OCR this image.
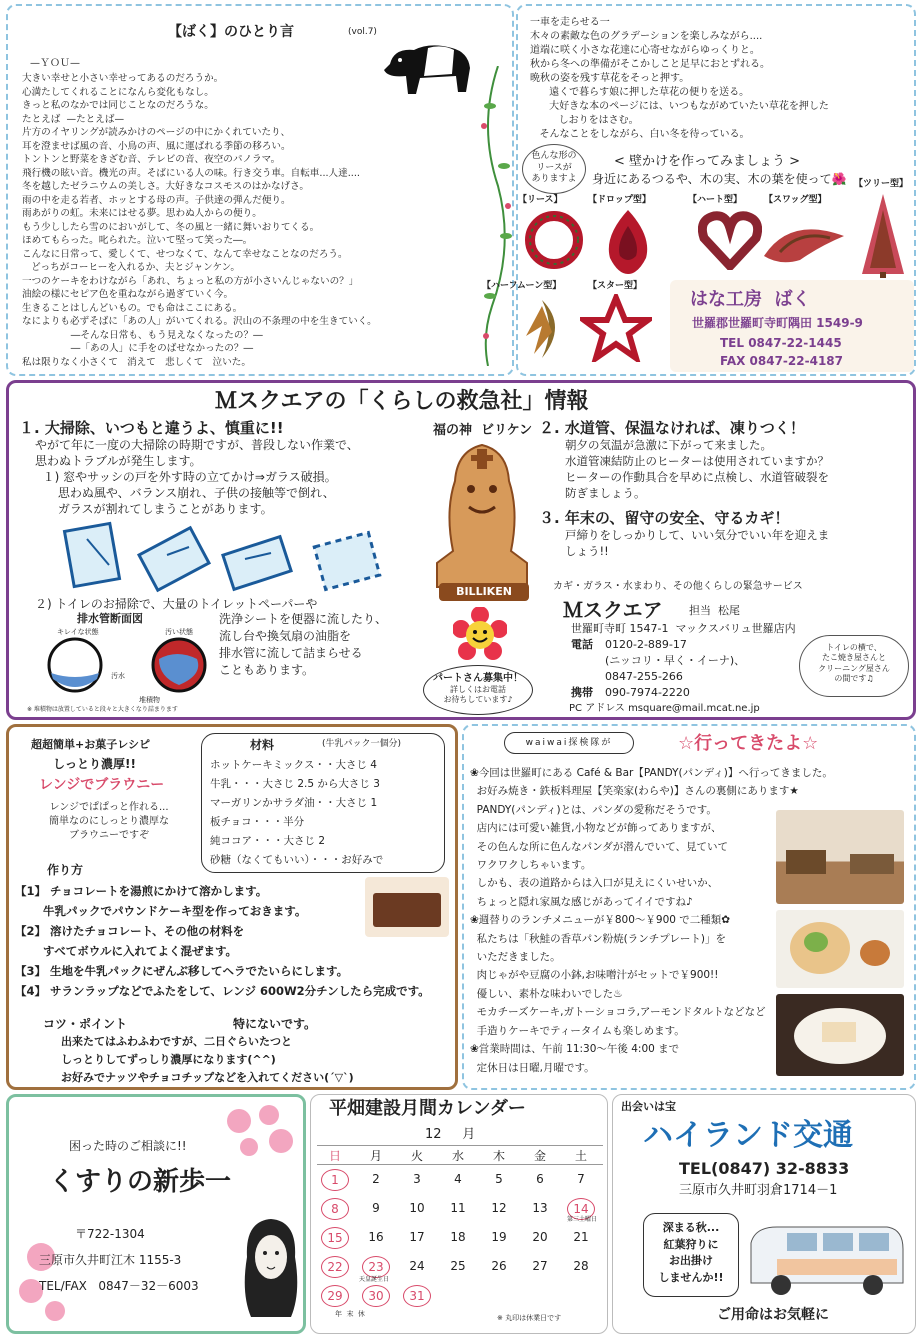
【ばく】のひとり言	(vol.7)
—ＹＯＵ—
大きい幸せと小さい幸せってあるのだろうか。
心満たしてくれることになんら変化もなし。
きっと私のなかでは同じことなのだろうな。
たとえば  —たとえば—
片方のイヤリングが読みかけのページの中にかくれていたり、
耳を澄ませば風の音、小鳥の声、風に運ばれる季節の移ろい。
トントンと野菜をきざむ音、テレビの音、夜空のパノラマ。
飛行機の眩い音。機光の声。そばにいる人の味。行き交う車。自転車...人達....
冬を越したゼラニウムの美しさ。大好きなコスモスのはかなげさ。
雨の中を走る若者、ホッとする母の声。子供達の弾んだ便り。
雨あがりの虹。未来にはせる夢。思わぬ人からの便り。
もう少ししたら雪のにおいがして、冬の風と一緒に舞いおりてくる。
ほめてもらった。叱られた。泣いて堅って笑った―。
こんなに日常って、愛しくて、せつなくて、なんて幸せなことなのだろう。
どっちがコーヒーを入れるか、夫とジャンケン。
一つのケーキをわけながら「あれ、ちょっと私の方が小さいんじゃないの？」
油絵の様にセピア色を重ねながら過ぎていく今。
生きることはしんどいもの。でも命はここにある。
なによりも必ずそばに「あの人」がいてくれる。沢山の不条理の中を生きていく。
―そんな日常も、もう見えなくなったの？―
―「あの人」に手をのばせなかったの？―
私は限りなく小さくて   消えて   悲しくて   泣いた。
一車を走らせる一
木々の素敵な色のグラデーションを楽しみながら....
道端に咲く小さな花達に心寄せながらゆっくりと。
秋から冬への準備がそこかしこと足早におとずれる。
晩秋の姿を残す草花をそっと押す。
遠くで暮らす娘に押した草花の便りを送る。
大好きな本のページには、いつもながめていたい草花を押した
しおりをはさむ。
そんなことをしながら、白い冬を待っている。
色んな形の
リースが
ありますよ
< 壁かけを作ってみましょう >
身近にあるつるや、木の実、木の葉を使って🌺
【リース】	【ドロップ型】	【ハート型】 【スワッグ型】
【ツリー型】
【ハーフムーン型】	【スター型】
はな工房  ばく
世羅郡世羅町寺町隅田 1549-9
TEL 0847-22-1445
FAX 0847-22-4187
Ｍスクエアの「くらしの救急社」情報
１. 大掃除、いつもと違うよ、慎重に!!
やがて年に一度の大掃除の時期ですが、普段しない作業で、
思わぬトラブルが発生します。
１) 窓やサッシの戸を外す時の立てかけ⇒ガラス破損。
思わぬ風や、バランス崩れ、子供の接触等で倒れ、
ガラスが割れてしまうことがあります。
２) トイレのお掃除で、大量のトイレットペーパーや
洗浄シートを便器に流したり、
流し台や換気扇の油脂を
排水管に流して詰まらせる
こともあります。
排水管断面図
キレイな状態	汚い状態
汚水
堆積物
※ 堆積物は放置していると段々と大きくなり詰まります
福の神  ビリケン
BILLIKEN
パートさん募集中！
詳しくはお電話
お待ちしています♪
２. 水道管、保温なければ、凍りつく！
朝夕の気温が急激に下がって来ました。
水道管凍結防止のヒーターは使用されていますか？
ヒーターの作動具合を早めに点検し、水道管破裂を
防ぎましょう。
３. 年末の、留守の安全、守るカギ！
戸締りをしっかりして、いい気分でいい年を迎えま
しょう!!
カギ・ガラス・水まわり、その他くらしの緊急サービス
Ｍスクエア 担当  松尾
世羅町寺町 1547-1  マックスバリュ世羅店内
電話 0120-2-889-17
(ニッコリ・早く・イーナ)、
0847-255-266
携帯 090-7974-2220
PC アドレス msquare@mail.mcat.ne.jp
トイレの横で、
たこ焼き屋さんと
クリーニング屋さん
の間です♫
超超簡単+お菓子レシピ
しっとり濃厚!!
レンジでブラウニー
レンジでぱぱっと作れる...
簡単なのにしっとり濃厚な
ブラウニーですぞ
材料	(牛乳パック一個分)
ホットケーキミックス・・大さじ 4
牛乳・・・大さじ 2.5 から大さじ 3
マーガリンかサラダ油・・大さじ 1
板チョコ・・・半分
純ココア・・・大さじ 2
砂糖（なくてもいい）・・・お好みで
作り方
【1】 チョコレートを湯煎にかけて溶かします。
牛乳パックでパウンドケーキ型を作っておきます。
【2】 溶けたチョコレート、その他の材料を
すべてボウルに入れてよく混ぜます。
【3】 生地を牛乳パックにぜんぶ移してヘラでたいらにします。
【4】 サランラップなどでふたをして、レンジ 600W2分チンしたら完成です。
コツ・ポイント	特にないです。
出来たてはふわふわですが、二日ぐらいたつと
しっとりしてずっしり濃厚になります(^^)
お好みでナッツやチョコチップなどを入れてください(´▽`)
waiwai探検隊が	☆行ってきたよ☆
❀今回は世羅町にある Café & Bar【PANDY(パンディ)】へ行ってきました。
お好み焼き・鉄板料理屋【笑楽家(わらや)】さんの裏側にあります★
PANDY(パンディ)とは、パンダの愛称だそうです。
店内には可愛い雑貨,小物などが飾ってありますが、
その色んな所に色んなパンダが潜んでいて、見ていて
ワクワクしちゃいます。
しかも、表の道路からは入口が見えにくいせいか、
ちょっと隠れ家風な感じがあってイイですね♪
❀週替りのランチメニューが￥800～￥900 で二種類✿
私たちは「秋鮭の香草パン粉焼(ランチプレート)」を
いただきました。
肉じゃがや豆腐の小鉢,お味噌汁がセットで￥900!!
優しい、素朴な味わいでした♨
モカチーズケーキ,ガトーショコラ,アーモンドタルトなどなど
手造りケーキでティータイムも楽しめます。
❀営業時間は、午前 11:30～午後 4:00 まで
定休日は日曜,月曜です。
困った時のご相談に!!
くすりの新歩一
〒722-1304
三原市久井町江木 1155-3
TEL/FAX   0847－32－6003
平畑建設月間カレンダー
12     月
日 月 火 水 木 金 土
1	2	3	4	5	6	7
8	9	10	11	12	13	14
15	16	17	18	19	20	21
22	23	24	25	26	27	28
29	30	31
第三土曜日
天皇誕生日
年  末  休	※ 丸印は休業日です
出会いは宝
ハイランド交通
TEL(0847) 32-8833
三原市久井町羽倉1714－1
深まる秋...
紅葉狩りに
お出掛け
しませんか!!
ご用命はお気軽に
